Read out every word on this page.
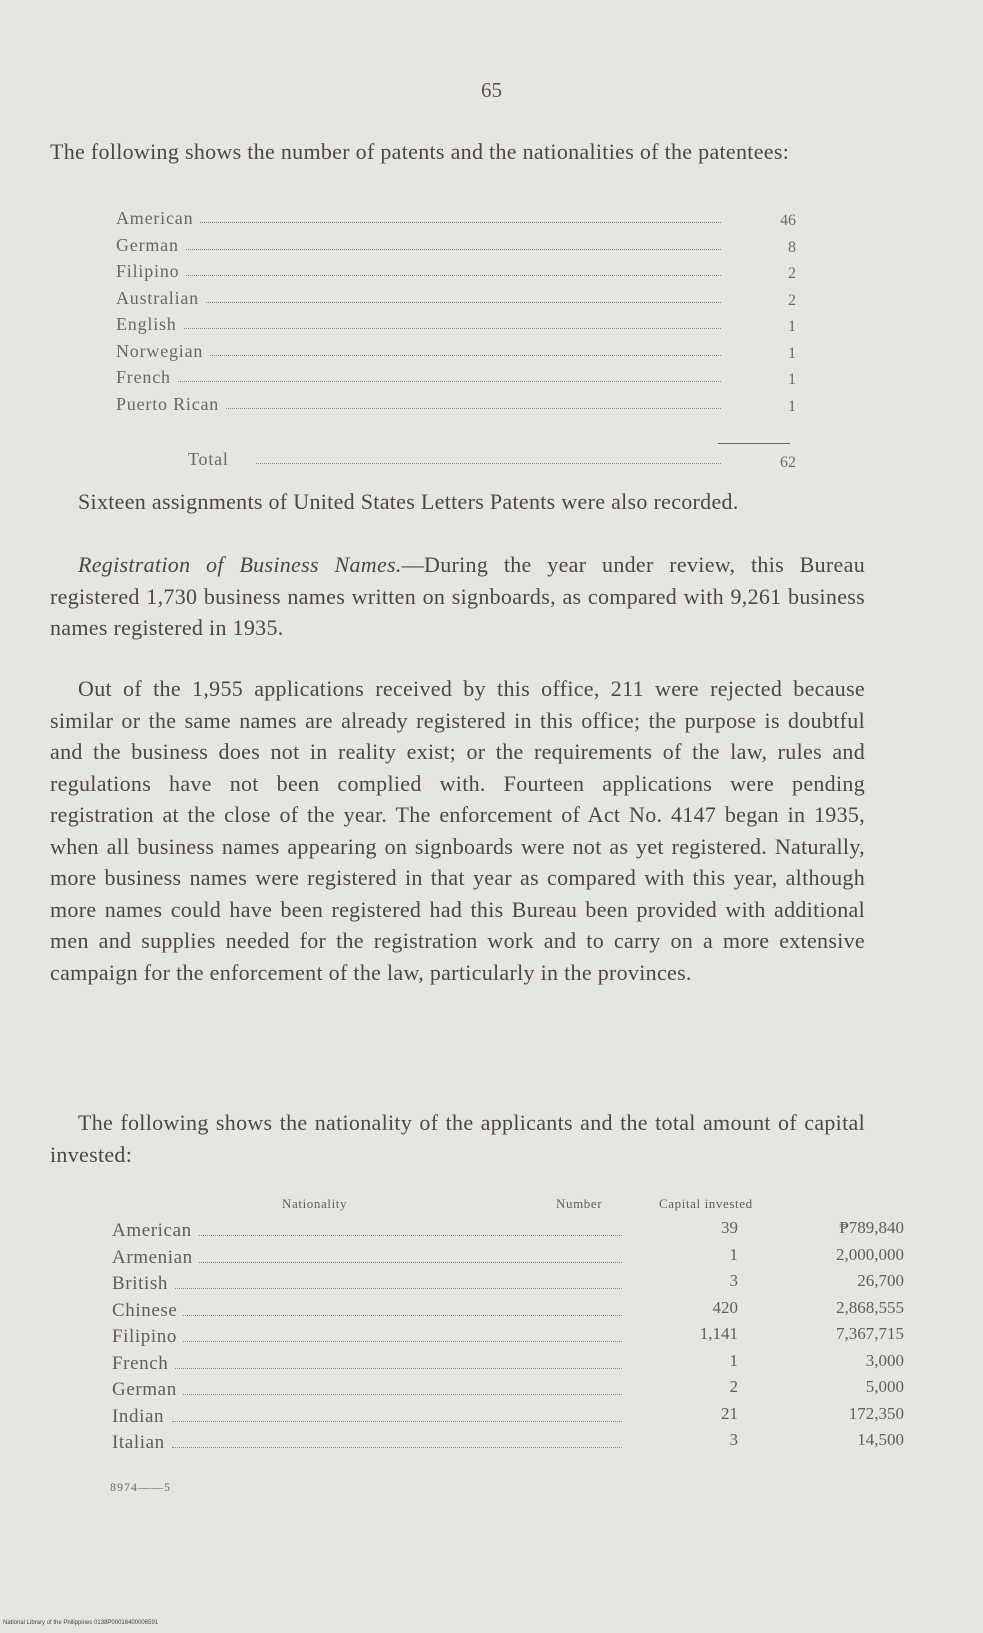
65
The following shows the number of patents and the nationalities of the patentees:
American	46
German	8
Filipino	2
Australian	2
English	1
Norwegian	1
French	1
Puerto Rican	1
Total	62
Sixteen assignments of United States Letters Patents were also recorded.
Registration of Business Names.—During the year under review, this Bureau registered 1,730 business names written on signboards, as compared with 9,261 business names registered in 1935.
Out of the 1,955 applications received by this office, 211 were rejected because similar or the same names are already registered in this office; the purpose is doubtful and the business does not in reality exist; or the requirements of the law, rules and regulations have not been complied with. Fourteen applications were pending registration at the close of the year. The enforcement of Act No. 4147 began in 1935, when all business names appearing on signboards were not as yet registered. Naturally, more business names were registered in that year as compared with this year, although more names could have been registered had this Bureau been provided with additional men and supplies needed for the registration work and to carry on a more extensive campaign for the enforcement of the law, particularly in the provinces.
The following shows the nationality of the applicants and the total amount of capital invested:
Nationality	Number	Capital invested
American	39	₱789,840
Armenian	1	2,000,000
British	3	26,700
Chinese	420	2,868,555
Filipino	1,141	7,367,715
French	1	3,000
German	2	5,000
Indian	21	172,350
Italian	3	14,500
8974——5
National Library of the Philippines 0138P00016400006591
